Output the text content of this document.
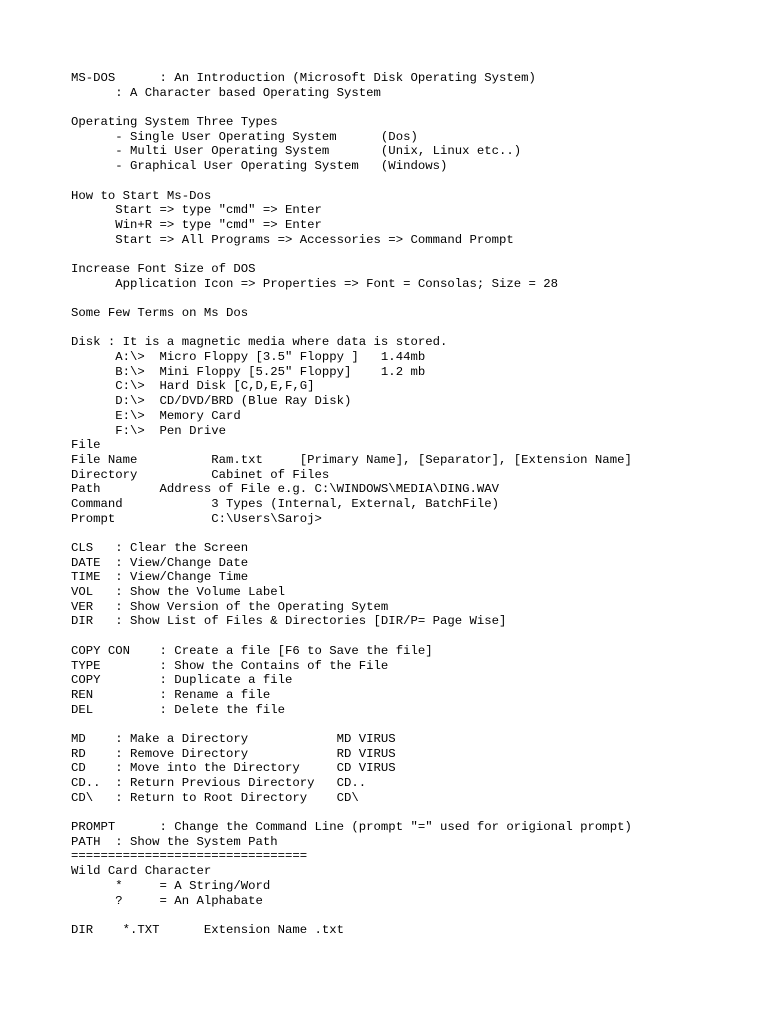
MS-DOS      : An Introduction (Microsoft Disk Operating System)
: A Character based Operating System
Operating System Three Types
- Single User Operating System      (Dos)
- Multi User Operating System       (Unix, Linux etc..)
- Graphical User Operating System   (Windows)
How to Start Ms-Dos
Start => type "cmd" => Enter
Win+R => type "cmd" => Enter
Start => All Programs => Accessories => Command Prompt
Increase Font Size of DOS
Application Icon => Properties => Font = Consolas; Size = 28
Some Few Terms on Ms Dos
Disk : It is a magnetic media where data is stored.
A:\>  Micro Floppy [3.5" Floppy ]   1.44mb
B:\>  Mini Floppy [5.25" Floppy]    1.2 mb
C:\>  Hard Disk [C,D,E,F,G]
D:\>  CD/DVD/BRD (Blue Ray Disk)
E:\>  Memory Card
F:\>  Pen Drive
File
File Name          Ram.txt     [Primary Name], [Separator], [Extension Name]
Directory          Cabinet of Files
Path        Address of File e.g. C:\WINDOWS\MEDIA\DING.WAV
Command            3 Types (Internal, External, BatchFile)
Prompt             C:\Users\Saroj>
CLS   : Clear the Screen
DATE  : View/Change Date
TIME  : View/Change Time
VOL   : Show the Volume Label
VER   : Show Version of the Operating Sytem
DIR   : Show List of Files & Directories [DIR/P= Page Wise]
COPY CON    : Create a file [F6 to Save the file]
TYPE        : Show the Contains of the File
COPY        : Duplicate a file
REN         : Rename a file
DEL         : Delete the file
MD    : Make a Directory            MD VIRUS
RD    : Remove Directory            RD VIRUS
CD    : Move into the Directory     CD VIRUS
CD..  : Return Previous Directory   CD..
CD\   : Return to Root Directory    CD\
PROMPT      : Change the Command Line (prompt "=" used for origional prompt)
PATH  : Show the System Path
================================
Wild Card Character
*     = A String/Word
?     = An Alphabate
DIR    *.TXT      Extension Name .txt
